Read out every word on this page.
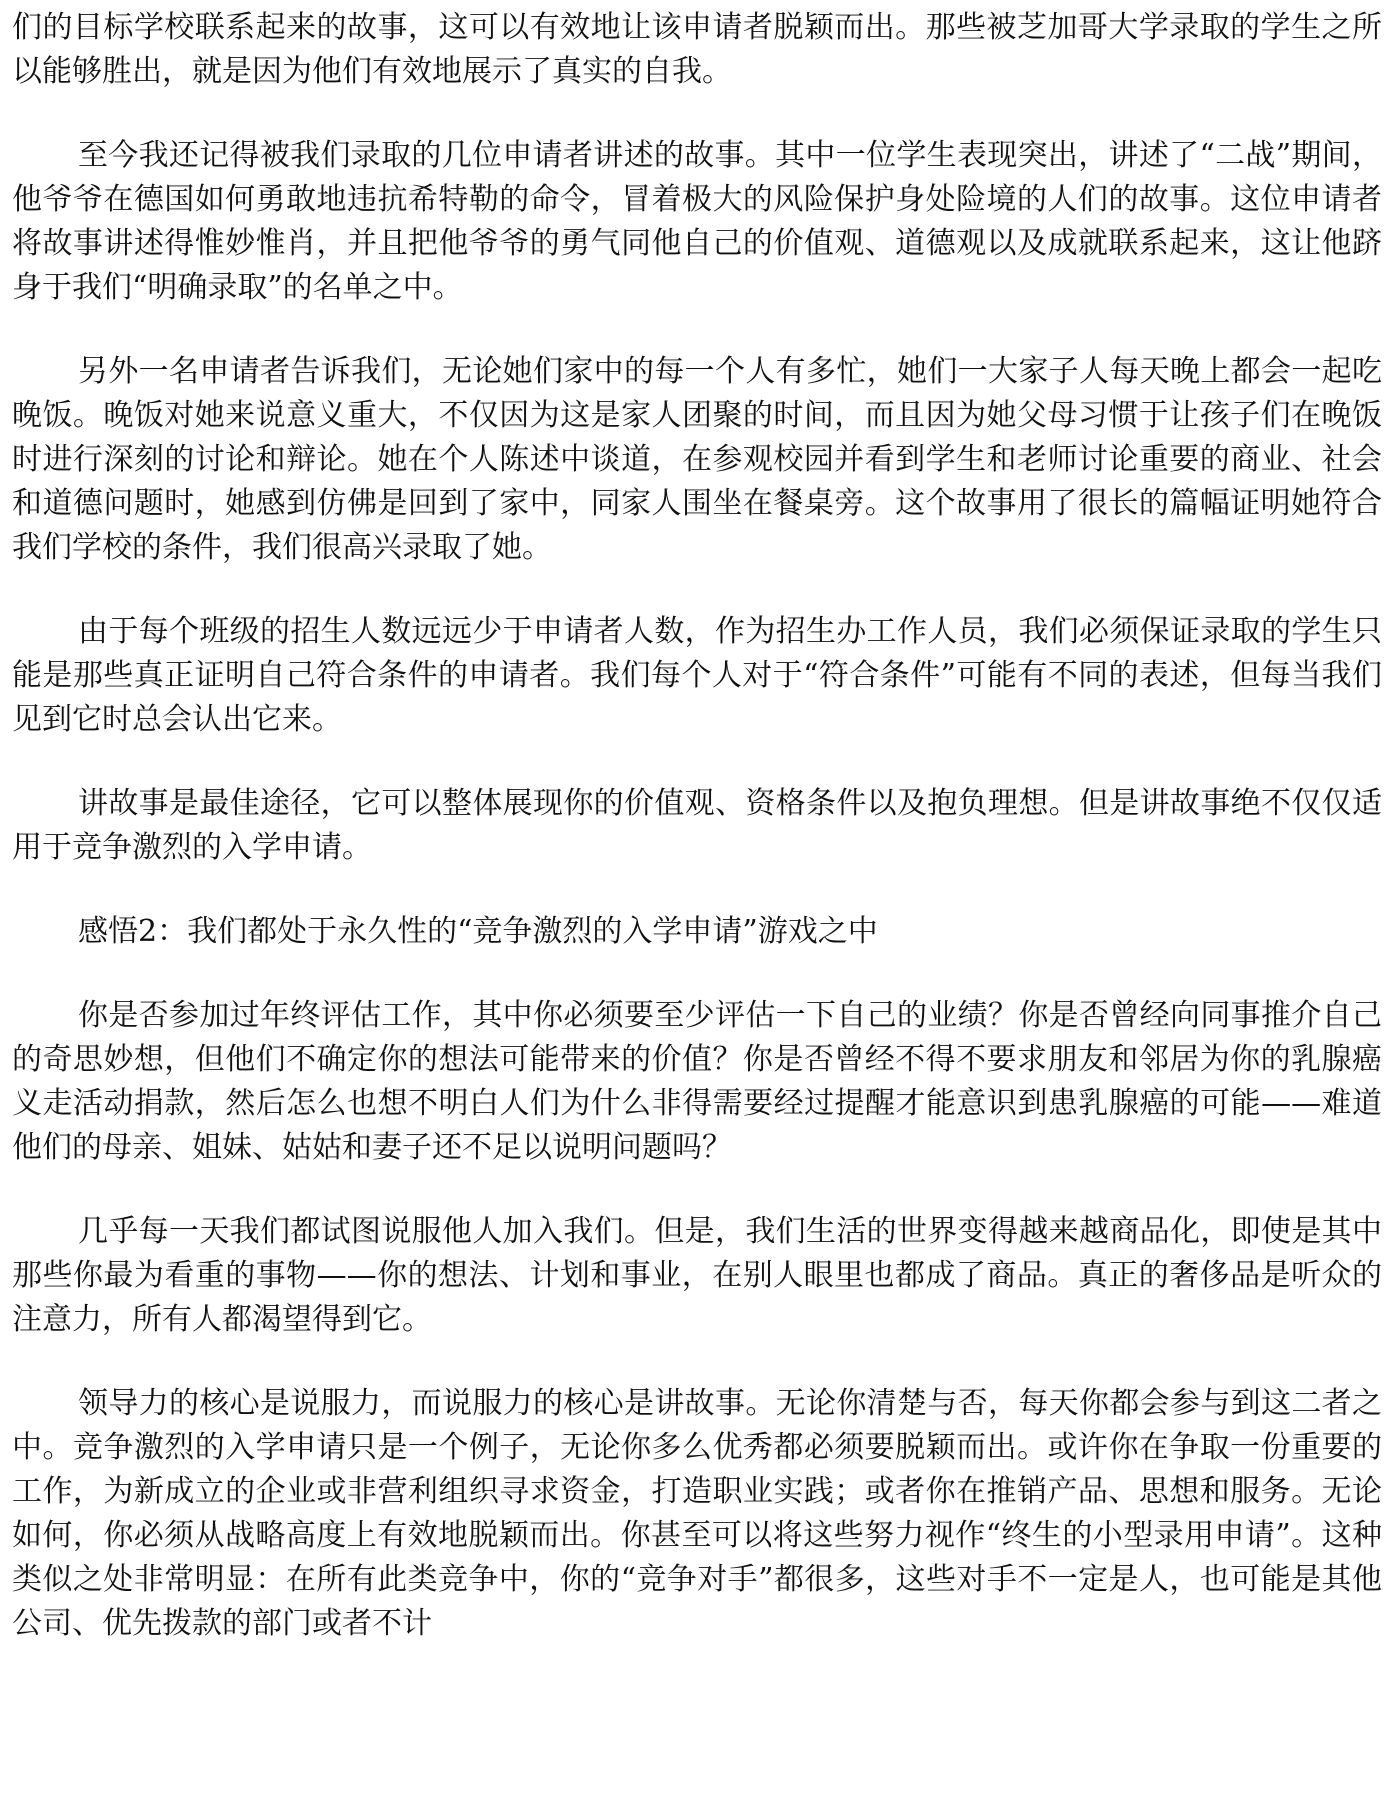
们的目标学校联系起来的故事，这可以有效地让该申请者脱颖而出。那些被芝加哥大学录取的学生之所以能够胜出，就是因为他们有效地展示了真实的自我。

至今我还记得被我们录取的几位申请者讲述的故事。其中一位学生表现突出，讲述了“二战”期间，他爷爷在德国如何勇敢地违抗希特勒的命令，冒着极大的风险保护身处险境的人们的故事。这位申请者将故事讲述得惟妙惟肖，并且把他爷爷的勇气同他自己的价值观、道德观以及成就联系起来，这让他跻身于我们“明确录取”的名单之中。

另外一名申请者告诉我们，无论她们家中的每一个人有多忙，她们一大家子人每天晚上都会一起吃晚饭。晚饭对她来说意义重大，不仅因为这是家人团聚的时间，而且因为她父母习惯于让孩子们在晚饭时进行深刻的讨论和辩论。她在个人陈述中谈道，在参观校园并看到学生和老师讨论重要的商业、社会和道德问题时，她感到仿佛是回到了家中，同家人围坐在餐桌旁。这个故事用了很长的篇幅证明她符合我们学校的条件，我们很高兴录取了她。

由于每个班级的招生人数远远少于申请者人数，作为招生办工作人员，我们必须保证录取的学生只能是那些真正证明自己符合条件的申请者。我们每个人对于“符合条件”可能有不同的表述，但每当我们见到它时总会认出它来。

讲故事是最佳途径，它可以整体展现你的价值观、资格条件以及抱负理想。但是讲故事绝不仅仅适用于竞争激烈的入学申请。

感悟2：我们都处于永久性的“竞争激烈的入学申请”游戏之中

你是否参加过年终评估工作，其中你必须要至少评估一下自己的业绩？你是否曾经向同事推介自己的奇思妙想，但他们不确定你的想法可能带来的价值？你是否曾经不得不要求朋友和邻居为你的乳腺癌义走活动捐款，然后怎么也想不明白人们为什么非得需要经过提醒才能意识到患乳腺癌的可能——难道他们的母亲、姐妹、姑姑和妻子还不足以说明问题吗？

几乎每一天我们都试图说服他人加入我们。但是，我们生活的世界变得越来越商品化，即使是其中那些你最为看重的事物——你的想法、计划和事业，在别人眼里也都成了商品。真正的奢侈品是听众的注意力，所有人都渴望得到它。

领导力的核心是说服力，而说服力的核心是讲故事。无论你清楚与否，每天你都会参与到这二者之中。竞争激烈的入学申请只是一个例子，无论你多么优秀都必须要脱颖而出。或许你在争取一份重要的工作，为新成立的企业或非营利组织寻求资金，打造职业实践；或者你在推销产品、思想和服务。无论如何，你必须从战略高度上有效地脱颖而出。你甚至可以将这些努力视作“终生的小型录用申请”。这种类似之处非常明显：在所有此类竞争中，你的“竞争对手”都很多，这些对手不一定是人，也可能是其他公司、优先拨款的部门或者不计
